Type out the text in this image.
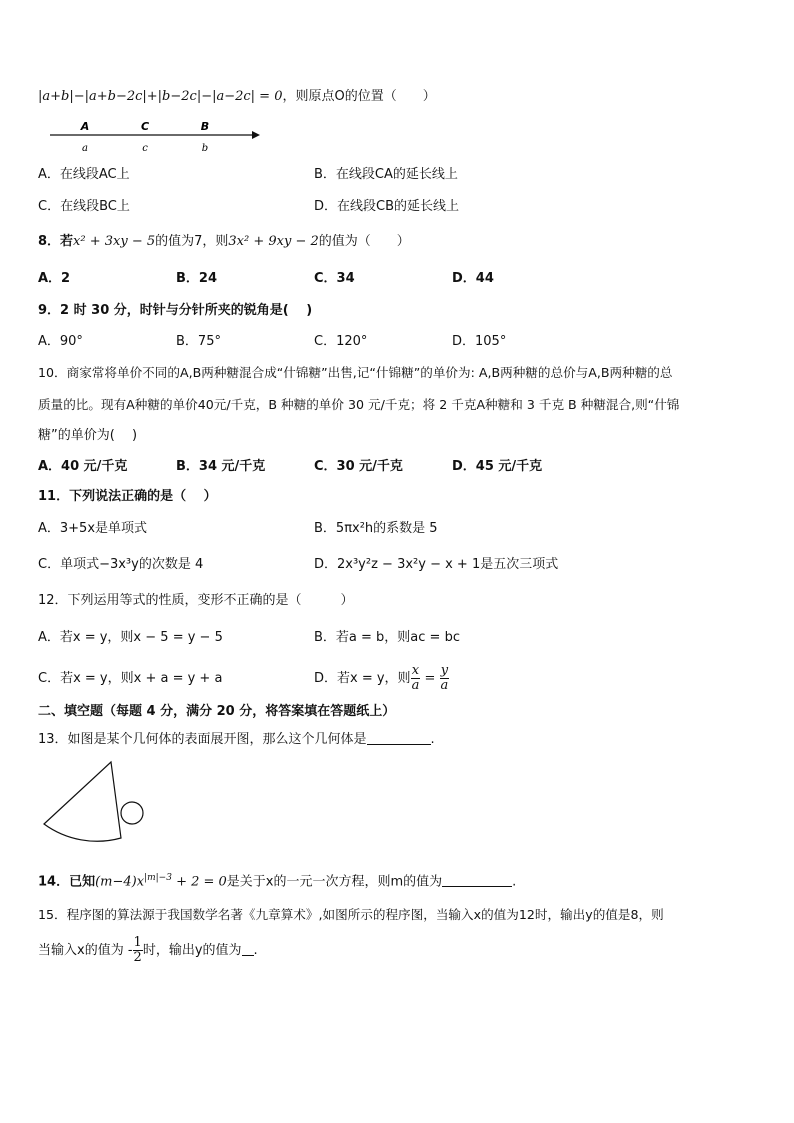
|a+b|−|a+b−2c|+|b−2c|−|a−2c| = 0，则原点O的位置（　　）
A	C	B
a	c	b
A．在线段AC上	B．在线段CA的延长线上
C．在线段BC上	D．在线段CB的延长线上
8．若x² + 3xy − 5的值为7，则3x² + 9xy − 2的值为（　　）
A．2	B．24	C．34	D．44
9．2 时 30 分，时针与分针所夹的锐角是(　 )
A．90°	B．75°	C．120°	D．105°
10．商家常将单价不同的A,B两种糖混合成“什锦糖”出售,记“什锦糖”的单价为: A,B两种糖的总价与A,B两种糖的总
质量的比。现有A种糖的单价40元/千克，B 种糖的单价 30 元/千克；将 2 千克A种糖和 3 千克 B 种糖混合,则“什锦
糖”的单价为(　 )
A．40 元/千克	B．34 元/千克	C．30 元/千克	D．45 元/千克
11．下列说法正确的是（　 ）
A．3+5x是单项式	B．5πx²h的系数是 5
C．单项式−3x³y的次数是 4	D．2x³y²z − 3x²y − x + 1是五次三项式
12．下列运用等式的性质，变形不正确的是（　　　）
A．若x = y，则x − 5 = y − 5	B．若a = b，则ac = bc
C．若x = y，则x + a = y + a	D．若x = y，则 $\frac{x}{a} = \frac{y}{a}$
二、填空题（每题 4 分，满分 20 分，将答案填在答题纸上）
13．如图是某个几何体的表面展开图，那么这个几何体是	.
14．已知$(m-4)x^{|m|-3} + 2 = 0$是关于x的一元一次方程，则m的值为	.
15．程序图的算法源于我国数学名著《九章算术》,如图所示的程序图，当输入x的值为12时，输出y的值是8，则
当输入x的值为 - $\frac{1}{2}$ 时，输出y的值为 .
